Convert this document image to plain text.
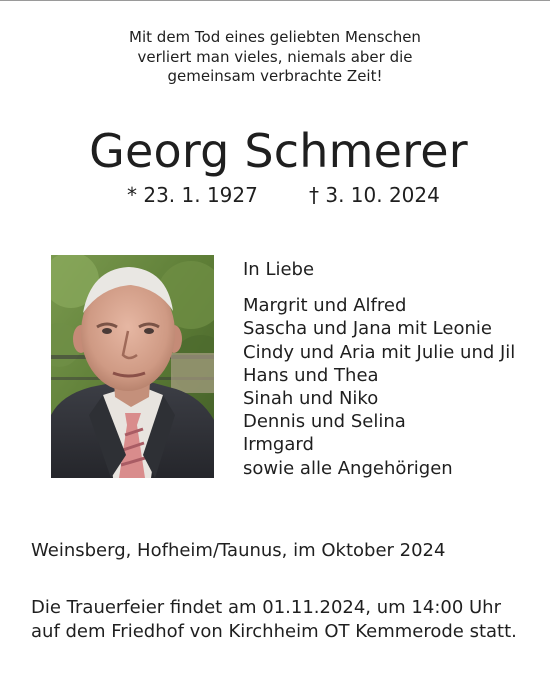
Mit dem Tod eines geliebten Menschen
verliert man vieles, niemals aber die
gemeinsam verbrachte Zeit!
Georg Schmerer
* 23. 1. 1927	† 3. 10. 2024
In Liebe
Margrit und Alfred
Sascha und Jana mit Leonie
Cindy und Aria mit Julie und Jil
Hans und Thea
Sinah und Niko
Dennis und Selina
Irmgard
sowie alle Angehörigen
Weinsberg, Hofheim/Taunus, im Oktober 2024
Die Trauerfeier findet am 01.11.2024, um 14:00 Uhr
auf dem Friedhof von Kirchheim OT Kemmerode statt.
